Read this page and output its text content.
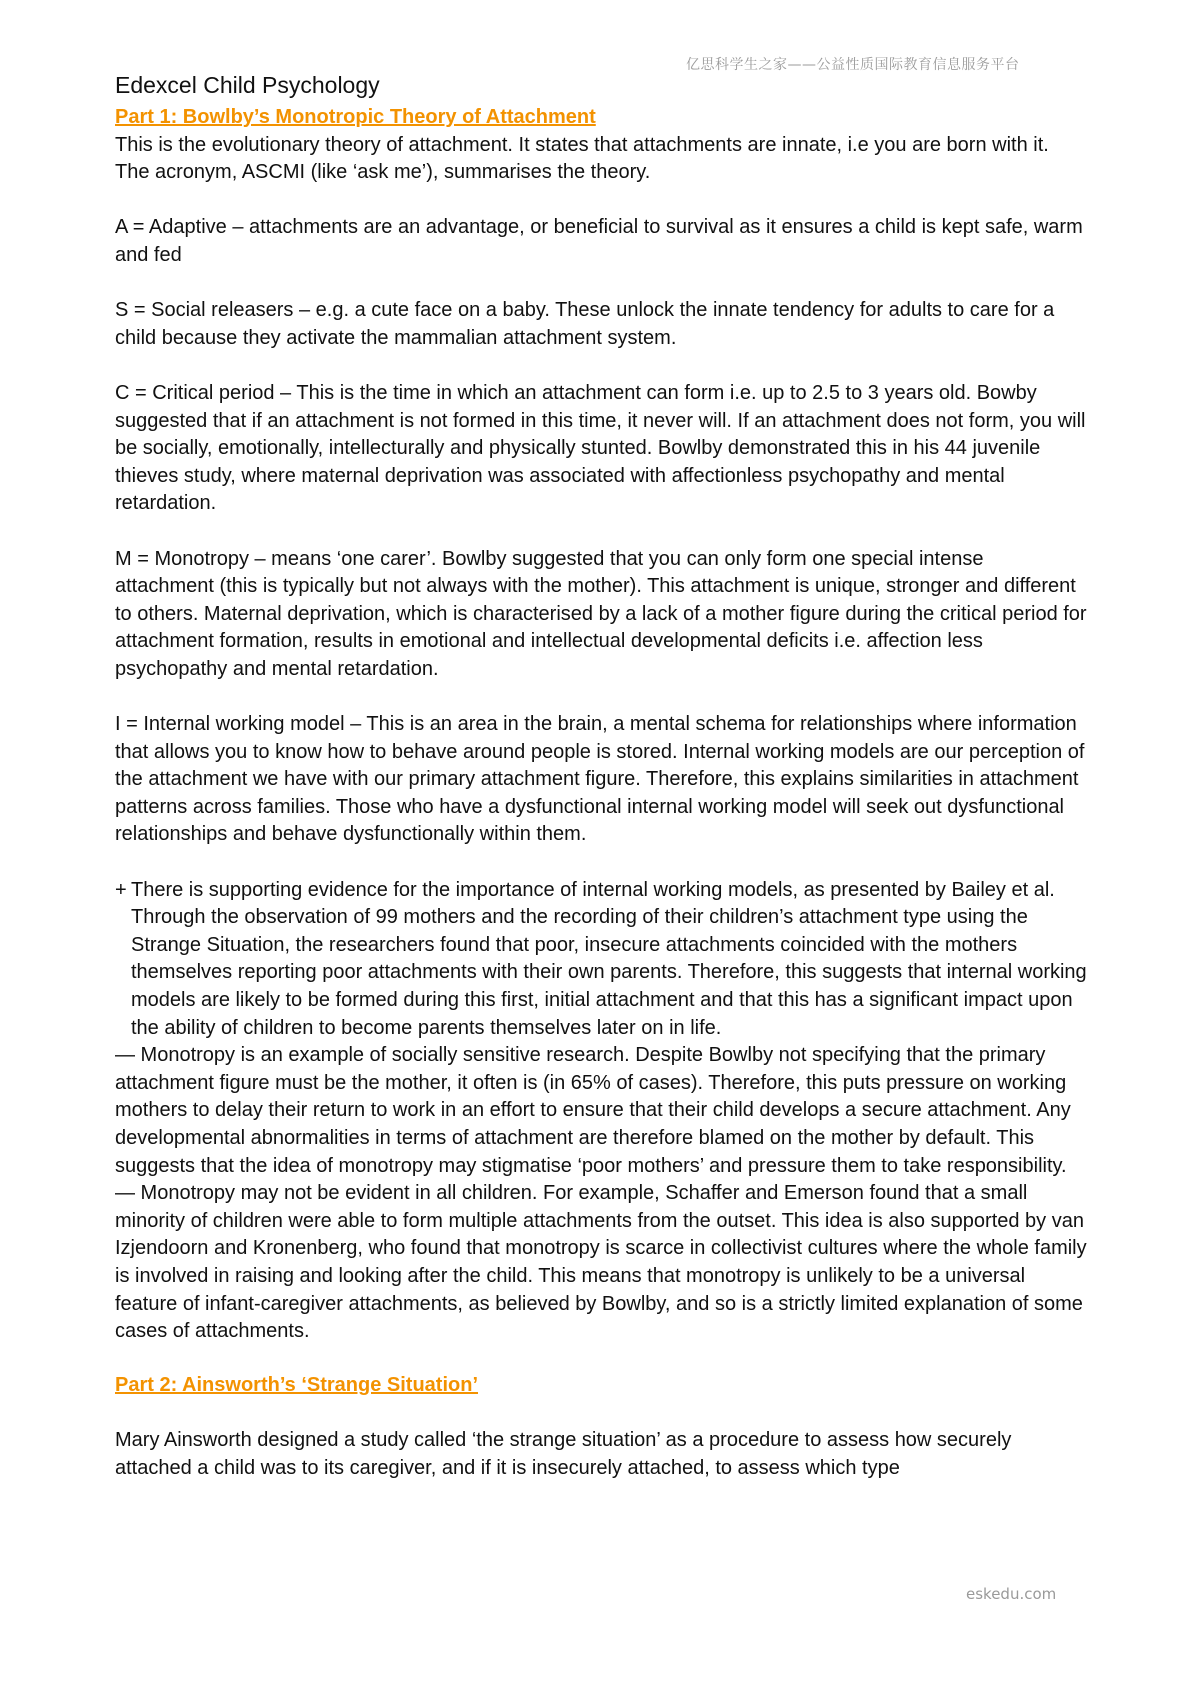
亿思科学生之家——公益性质国际教育信息服务平台
Edexcel Child Psychology
Part 1: Bowlby’s Monotropic Theory of Attachment

This is the evolutionary theory of attachment. It states that attachments are innate, i.e you are born with it. The acronym, ASCMI (like ‘ask me’), summarises the theory.

A = Adaptive – attachments are an advantage, or beneficial to survival as it ensures a child is kept safe, warm and fed

S = Social releasers – e.g. a cute face on a baby. These unlock the innate tendency for adults to care for a child because they activate the mammalian attachment system.

C = Critical period – This is the time in which an attachment can form i.e. up to 2.5 to 3 years old. Bowby suggested that if an attachment is not formed in this time, it never will. If an attachment does not form, you will be socially, emotionally, intellecturally and physically stunted. Bowlby demonstrated this in his 44 juvenile thieves study, where maternal deprivation was associated with affectionless psychopathy and mental retardation.

M = Monotropy – means ‘one carer’. Bowlby suggested that you can only form one special intense attachment (this is typically but not always with the mother). This attachment is unique, stronger and different to others. Maternal deprivation, which is characterised by a lack of a mother figure during the critical period for attachment formation, results in emotional and intellectual developmental deficits i.e. affection less psychopathy and mental retardation.

I = Internal working model – This is an area in the brain, a mental schema for relationships where information that allows you to know how to behave around people is stored. Internal working models are our perception of the attachment we have with our primary attachment figure. Therefore, this explains similarities in attachment patterns across families. Those who have a dysfunctional internal working model will seek out dysfunctional relationships and behave dysfunctionally within them.

+ There is supporting evidence for the importance of internal working models, as presented by Bailey et al. Through the observation of 99 mothers and the recording of their children’s attachment type using the Strange Situation, the researchers found that poor, insecure attachments coincided with the mothers themselves reporting poor attachments with their own parents. Therefore, this suggests that internal working models are likely to be formed during this first, initial attachment and that this has a significant impact upon the ability of children to become parents themselves later on in life.

— Monotropy is an example of socially sensitive research. Despite Bowlby not specifying that the primary attachment figure must be the mother, it often is (in 65% of cases). Therefore, this puts pressure on working mothers to delay their return to work in an effort to ensure that their child develops a secure attachment. Any developmental abnormalities in terms of attachment are therefore blamed on the mother by default. This suggests that the idea of monotropy may stigmatise ‘poor mothers’ and pressure them to take responsibility.

— Monotropy may not be evident in all children. For example, Schaffer and Emerson found that a small minority of children were able to form multiple attachments from the outset. This idea is also supported by van Izjendoorn and Kronenberg, who found that monotropy is scarce in collectivist cultures where the whole family is involved in raising and looking after the child. This means that monotropy is unlikely to be a universal feature of infant-caregiver attachments, as believed by Bowlby, and so is a strictly limited explanation of some cases of attachments.

Part 2: Ainsworth’s ‘Strange Situation’

Mary Ainsworth designed a study called ‘the strange situation’ as a procedure to assess how securely attached a child was to its caregiver, and if it is insecurely attached, to assess which type

eskedu.com
